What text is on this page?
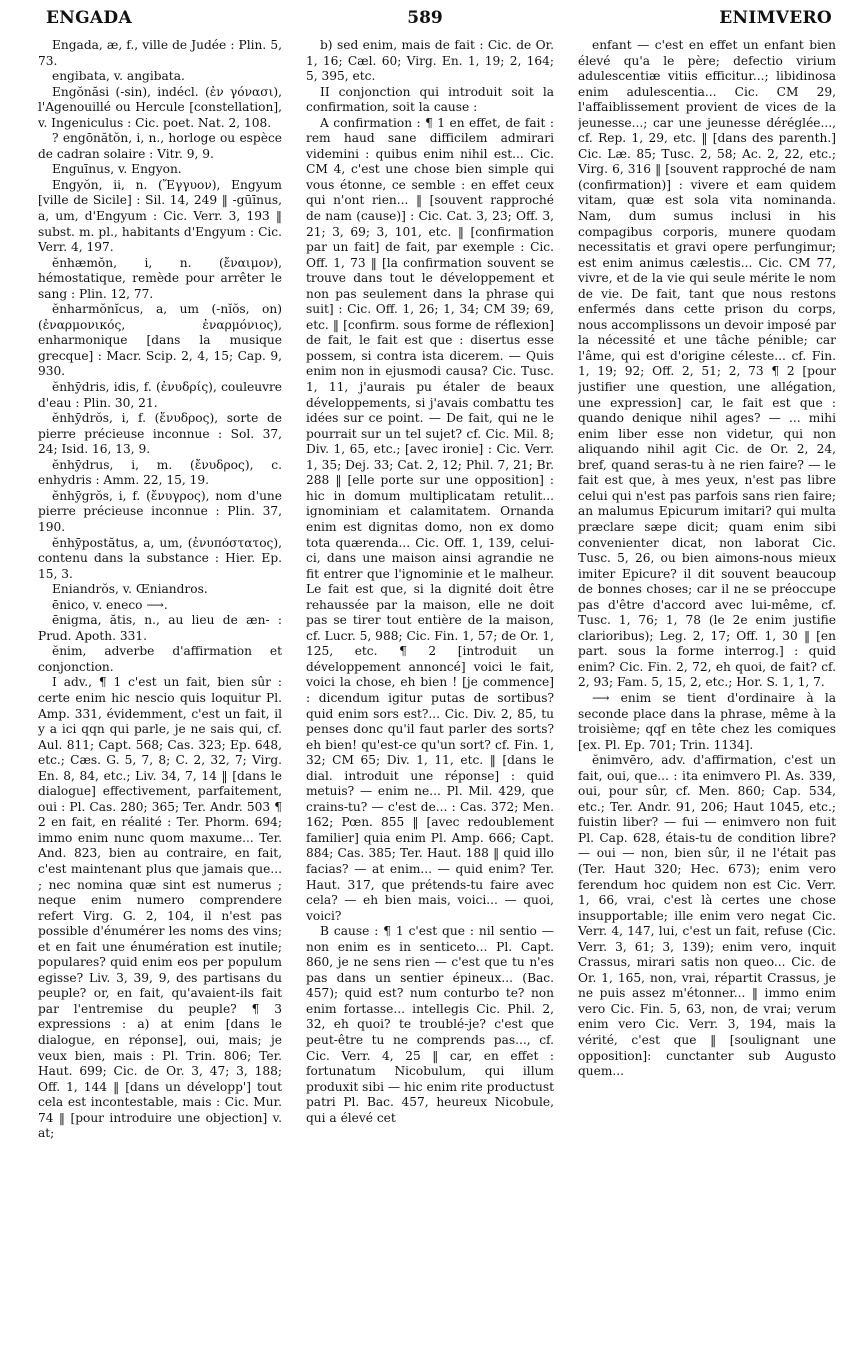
ENGADA	589	ENIMVERO

Engada, æ, f., ville de Judée : Plin. 5, 73.

engibata, v. angibata.

Engŏnăsi (-sin), indécl. (ἐν γόνασι), l'Agenouillé ou Hercule [constellation], v. Ingeniculus : Cic. poet. Nat. 2, 108.

? engōnătŏn, i, n., horloge ou espèce de cadran solaire : Vitr. 9, 9.

Enguīnus, v. Engyon.

Engyŏn, ii, n. (Ἔγγυον), Engyum [ville de Sicile] : Sil. 14, 249 ‖ -gūīnus, a, um, d'Engyum : Cic. Verr. 3, 193 ‖ subst. m. pl., habitants d'Engyum : Cic. Verr. 4, 197.

ĕnhæmŏn, i, n. (ἔναιμον), hémostatique, remède pour arrêter le sang : Plin. 12, 77.

ĕnharmŏnĭcus, a, um (-nĭŏs, on) (ἐναρμονικός, ἐναρμόνιος), enharmonique [dans la musique grecque] : Macr. Scip. 2, 4, 15; Cap. 9, 930.

ĕnhȳdris, idis, f. (ἐνυδρίς), couleuvre d'eau : Plin. 30, 21.

ĕnhȳdrŏs, i, f. (ἔνυδρος), sorte de pierre précieuse inconnue : Sol. 37, 24; Isid. 16, 13, 9.

ĕnhȳdrus, i, m. (ἔνυδρος), c. enhydris : Amm. 22, 15, 19.

ĕnhȳgrŏs, i, f. (ἔνυγρος), nom d'une pierre précieuse inconnue : Plin. 37, 190.

ĕnhȳpostătus, a, um, (ἐνυπόστατος), contenu dans la substance : Hier. Ep. 15, 3.

Eniandrŏs, v. Œniandros.

ēnico, v. eneco ⟶.

ēnigma, ătis, n., au lieu de æn- : Prud. Apoth. 331.

ĕnim, adverbe d'affirmation et conjonction.

I adv., ¶ 1 c'est un fait, bien sûr : certe enim hic nescio quis loquitur Pl. Amp. 331, évidemment, c'est un fait, il y a ici qqn qui parle, je ne sais qui, cf. Aul. 811; Capt. 568; Cas. 323; Ep. 648, etc.; Cæs. G. 5, 7, 8; C. 2, 32, 7; Virg. En. 8, 84, etc.; Liv. 34, 7, 14 ‖ [dans le dialogue] effectivement, parfaitement, oui : Pl. Cas. 280; 365; Ter. Andr. 503 ¶ 2 en fait, en réalité : Ter. Phorm. 694; immo enim nunc quom maxume... Ter. And. 823, bien au contraire, en fait, c'est maintenant plus que jamais que... ; nec nomina quæ sint est numerus ; neque enim numero comprendere refert Virg. G. 2, 104, il n'est pas possible d'énumérer les noms des vins; et en fait une énumération est inutile; populares? quid enim eos per populum egisse? Liv. 3, 39, 9, des partisans du peuple? or, en fait, qu'avaient-ils fait par l'entremise du peuple? ¶ 3 expressions : a) at enim [dans le dialogue, en réponse], oui, mais; je veux bien, mais : Pl. Trin. 806; Ter. Haut. 699; Cic. de Or. 3, 47; 3, 188; Off. 1, 144 ‖ [dans un développ'] tout cela est incontestable, mais : Cic. Mur. 74 ‖ [pour introduire une objection] v. at;

b) sed enim, mais de fait : Cic. de Or. 1, 16; Cæl. 60; Virg. En. 1, 19; 2, 164; 5, 395, etc.

II conjonction qui introduit soit la confirmation, soit la cause :

A confirmation : ¶ 1 en effet, de fait : rem haud sane difficilem admirari videmini : quibus enim nihil est... Cic. CM 4, c'est une chose bien simple qui vous étonne, ce semble : en effet ceux qui n'ont rien... ‖ [souvent rapproché de nam (cause)] : Cic. Cat. 3, 23; Off. 3, 21; 3, 69; 3, 101, etc. ‖ [confirmation par un fait] de fait, par exemple : Cic. Off. 1, 73 ‖ [la confirmation souvent se trouve dans tout le développement et non pas seulement dans la phrase qui suit] : Cic. Off. 1, 26; 1, 34; CM 39; 69, etc. ‖ [confirm. sous forme de réflexion] de fait, le fait est que : disertus esse possem, si contra ista dicerem. — Quis enim non in ejusmodi causa? Cic. Tusc. 1, 11, j'aurais pu étaler de beaux développements, si j'avais combattu tes idées sur ce point. — De fait, qui ne le pourrait sur un tel sujet? cf. Cic. Mil. 8; Div. 1, 65, etc.; [avec ironie] : Cic. Verr. 1, 35; Dej. 33; Cat. 2, 12; Phil. 7, 21; Br. 288 ‖ [elle porte sur une opposition] : hic in domum multiplicatam retulit... ignominiam et calamitatem. Ornanda enim est dignitas domo, non ex domo tota quærenda... Cic. Off. 1, 139, celui-ci, dans une maison ainsi agrandie ne fit entrer que l'ignominie et le malheur. Le fait est que, si la dignité doit être rehaussée par la maison, elle ne doit pas se tirer tout entière de la maison, cf. Lucr. 5, 988; Cic. Fin. 1, 57; de Or. 1, 125, etc. ¶ 2 [introduit un développement annoncé] voici le fait, voici la chose, eh bien ! [je commence] : dicendum igitur putas de sortibus? quid enim sors est?... Cic. Div. 2, 85, tu penses donc qu'il faut parler des sorts? eh bien! qu'est-ce qu'un sort? cf. Fin. 1, 32; CM 65; Div. 1, 11, etc. ‖ [dans le dial. introduit une réponse] : quid metuis? — enim ne... Pl. Mil. 429, que crains-tu? — c'est de... : Cas. 372; Men. 162; Pœn. 855 ‖ [avec redoublement familier] quia enim Pl. Amp. 666; Capt. 884; Cas. 385; Ter. Haut. 188 ‖ quid illo facias? — at enim... — quid enim? Ter. Haut. 317, que prétends-tu faire avec cela? — eh bien mais, voici... — quoi, voici?

B cause : ¶ 1 c'est que : nil sentio — non enim es in senticeto... Pl. Capt. 860, je ne sens rien — c'est que tu n'es pas dans un sentier épineux... (Bac. 457); quid est? num conturbo te? non enim fortasse... intellegis Cic. Phil. 2, 32, eh quoi? te troublé-je? c'est que peut-être tu ne comprends pas..., cf. Cic. Verr. 4, 25 ‖ car, en effet : fortunatum Nicobulum, qui illum produxit sibi — hic enim rite productust patri Pl. Bac. 457, heureux Nicobule, qui a élevé cet

enfant — c'est en effet un enfant bien élevé qu'a le père; defectio virium adulescentiæ vitiis efficitur...; libidinosa enim adulescentia... Cic. CM 29, l'affaiblissement provient de vices de la jeunesse...; car une jeunesse déréglée..., cf. Rep. 1, 29, etc. ‖ [dans des parenth.] Cic. Læ. 85; Tusc. 2, 58; Ac. 2, 22, etc.; Virg. 6, 316 ‖ [souvent rapproché de nam (confirmation)] : vivere et eam quidem vitam, quæ est sola vita nominanda. Nam, dum sumus inclusi in his compagibus corporis, munere quodam necessitatis et gravi opere perfungimur; est enim animus cælestis... Cic. CM 77, vivre, et de la vie qui seule mérite le nom de vie. De fait, tant que nous restons enfermés dans cette prison du corps, nous accomplissons un devoir imposé par la nécessité et une tâche pénible; car l'âme, qui est d'origine céleste... cf. Fin. 1, 19; 92; Off. 2, 51; 2, 73 ¶ 2 [pour justifier une question, une allégation, une expression] car, le fait est que : quando denique nihil ages? — ... mihi enim liber esse non videtur, qui non aliquando nihil agit Cic. de Or. 2, 24, bref, quand seras-tu à ne rien faire? — le fait est que, à mes yeux, n'est pas libre celui qui n'est pas parfois sans rien faire; an malumus Epicurum imitari? qui multa præclare sæpe dicit; quam enim sibi convenienter dicat, non laborat Cic. Tusc. 5, 26, ou bien aimons-nous mieux imiter Epicure? il dit souvent beaucoup de bonnes choses; car il ne se préoccupe pas d'être d'accord avec lui-même, cf. Tusc. 1, 76; 1, 78 (le 2e enim justifie clarioribus); Leg. 2, 17; Off. 1, 30 ‖ [en part. sous la forme interrog.] : quid enim? Cic. Fin. 2, 72, eh quoi, de fait? cf. 2, 93; Fam. 5, 15, 2, etc.; Hor. S. 1, 1, 7.

⟶ enim se tient d'ordinaire à la seconde place dans la phrase, même à la troisième; qqf en tête chez les comiques [ex. Pl. Ep. 701; Trin. 1134].

ĕnimvēro, adv. d'affirmation, c'est un fait, oui, que... : ita enimvero Pl. As. 339, oui, pour sûr, cf. Men. 860; Cap. 534, etc.; Ter. Andr. 91, 206; Haut 1045, etc.; fuistin liber? — fui — enimvero non fuit Pl. Cap. 628, étais-tu de condition libre? — oui — non, bien sûr, il ne l'était pas (Ter. Haut 320; Hec. 673); enim vero ferendum hoc quidem non est Cic. Verr. 1, 66, vrai, c'est là certes une chose insupportable; ille enim vero negat Cic. Verr. 4, 147, lui, c'est un fait, refuse (Cic. Verr. 3, 61; 3, 139); enim vero, inquit Crassus, mirari satis non queo... Cic. de Or. 1, 165, non, vrai, répartit Crassus, je ne puis assez m'étonner... ‖ immo enim vero Cic. Fin. 5, 63, non, de vrai; verum enim vero Cic. Verr. 3, 194, mais la vérité, c'est que ‖ [soulignant une opposition]: cunctanter sub Augusto quem...
